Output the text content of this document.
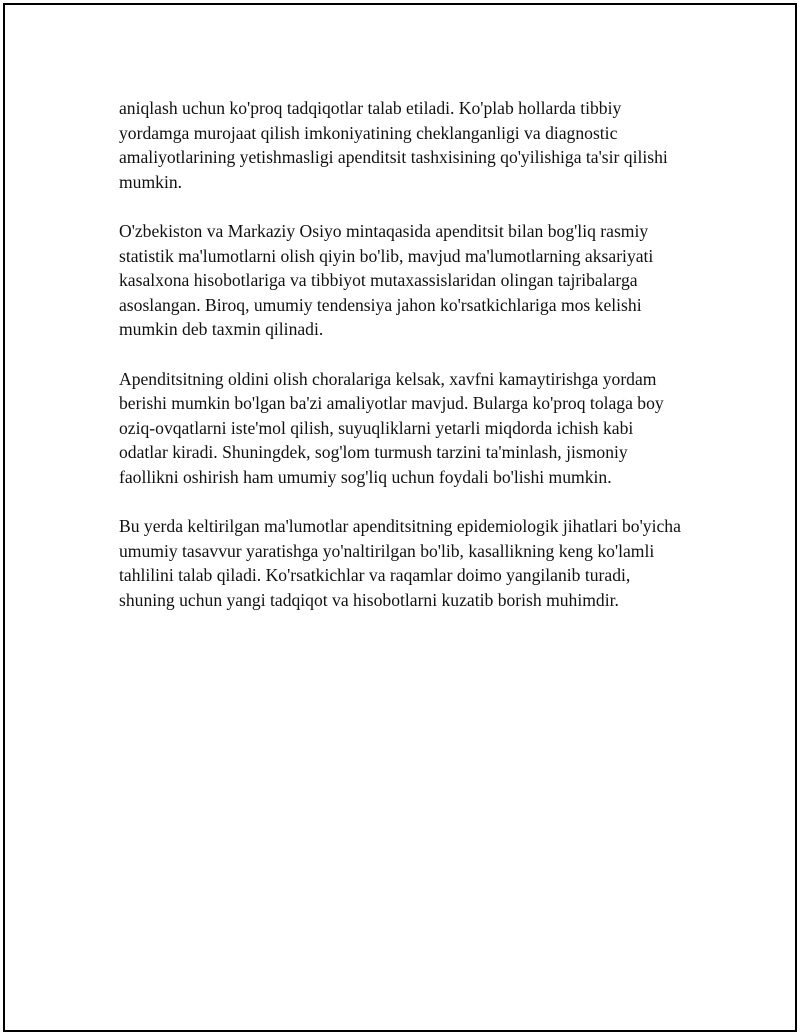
aniqlash uchun ko'proq tadqiqotlar talab etiladi. Ko'plab hollarda tibbiy yordamga murojaat qilish imkoniyatining cheklanganligi va diagnostic amaliyotlarining yetishmasligi apenditsit tashxisining qo'yilishiga ta'sir qilishi mumkin.

O'zbekiston va Markaziy Osiyo mintaqasida apenditsit bilan bog'liq rasmiy statistik ma'lumotlarni olish qiyin bo'lib, mavjud ma'lumotlarning aksariyati kasalxona hisobotlariga va tibbiyot mutaxassislaridan olingan tajribalarga asoslangan. Biroq, umumiy tendensiya jahon ko'rsatkichlariga mos kelishi mumkin deb taxmin qilinadi.

Apenditsitning oldini olish choralariga kelsak, xavfni kamaytirishga yordam berishi mumkin bo'lgan ba'zi amaliyotlar mavjud. Bularga ko'proq tolaga boy oziq-ovqatlarni iste'mol qilish, suyuqliklarni yetarli miqdorda ichish kabi odatlar kiradi. Shuningdek, sog'lom turmush tarzini ta'minlash, jismoniy faollikni oshirish ham umumiy sog'liq uchun foydali bo'lishi mumkin.

Bu yerda keltirilgan ma'lumotlar apenditsitning epidemiologik jihatlari bo'yicha umumiy tasavvur yaratishga yo'naltirilgan bo'lib, kasallikning keng ko'lamli tahlilini talab qiladi. Ko'rsatkichlar va raqamlar doimo yangilanib turadi, shuning uchun yangi tadqiqot va hisobotlarni kuzatib borish muhimdir.
